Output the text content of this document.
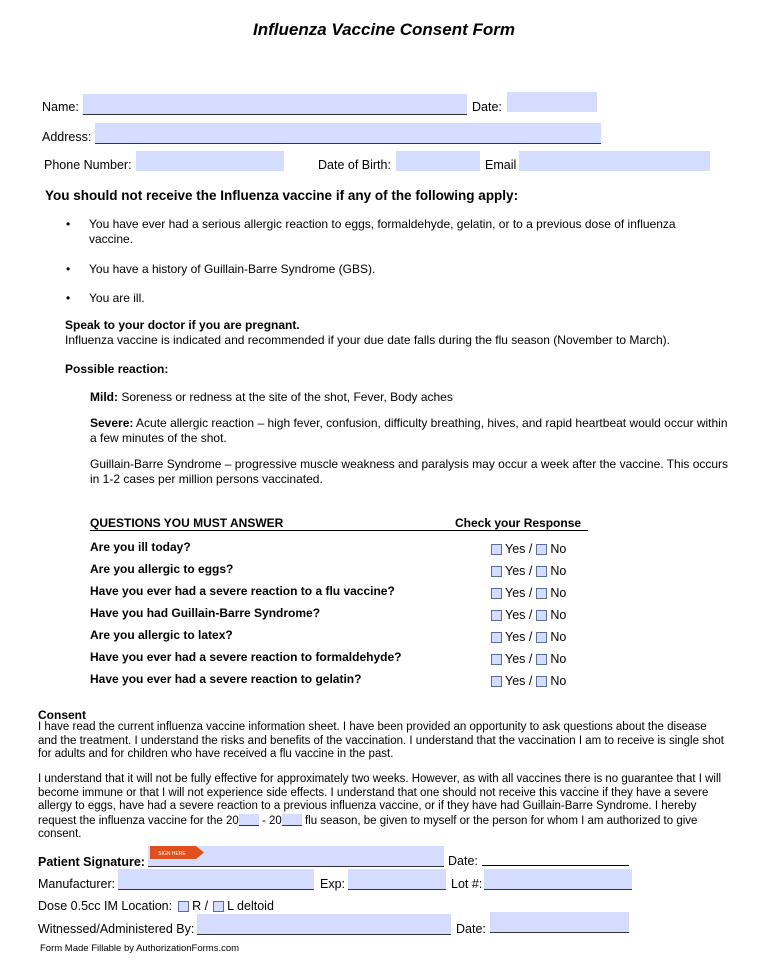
Influenza Vaccine Consent Form
Name:	Date:
Address:
Phone Number:	Date of Birth:	Email
You should not receive the Influenza vaccine if any of the following apply:
• You have ever had a serious allergic reaction to eggs, formaldehyde, gelatin, or to a previous dose of influenza vaccine.
• You have a history of Guillain-Barre Syndrome (GBS).
• You are ill.
Speak to your doctor if you are pregnant.
Influenza vaccine is indicated and recommended if your due date falls during the flu season (November to March).
Possible reaction:
Mild: Soreness or redness at the site of the shot, Fever, Body aches
Severe: Acute allergic reaction – high fever, confusion, difficulty breathing, hives, and rapid heartbeat would occur within a few minutes of the shot.
Guillain-Barre Syndrome – progressive muscle weakness and paralysis may occur a week after the vaccine. This occurs in 1-2 cases per million persons vaccinated.
QUESTIONS YOU MUST ANSWER	Check your Response
Are you ill today?	Yes / No
Are you allergic to eggs?	Yes / No
Have you ever had a severe reaction to a flu vaccine?	Yes / No
Have you had Guillain-Barre Syndrome?	Yes / No
Are you allergic to latex?	Yes / No
Have you ever had a severe reaction to formaldehyde?	Yes / No
Have you ever had a severe reaction to gelatin?	Yes / No
Consent
I have read the current influenza vaccine information sheet. I have been provided an opportunity to ask questions about the disease and the treatment. I understand the risks and benefits of the vaccination. I understand that the vaccination I am to receive is single shot for adults and for children who have received a flu vaccine in the past.
I understand that it will not be fully effective for approximately two weeks. However, as with all vaccines there is no guarantee that I will become immune or that I will not experience side effects. I understand that one should not receive this vaccine if they have a severe allergy to eggs, have had a severe reaction to a previous influenza vaccine, or if they have had Guillain-Barre Syndrome. I hereby request the influenza vaccine for the 20 - 20 flu season, be given to myself or the person for whom I am authorized to give consent.
Patient Signature:
SIGN HERE	Date:
Manufacturer:	Exp:	Lot #:
Dose 0.5cc IM Location: R / L deltoid
Witnessed/Administered By:	Date:
Form Made Fillable by AuthorizationForms.com
